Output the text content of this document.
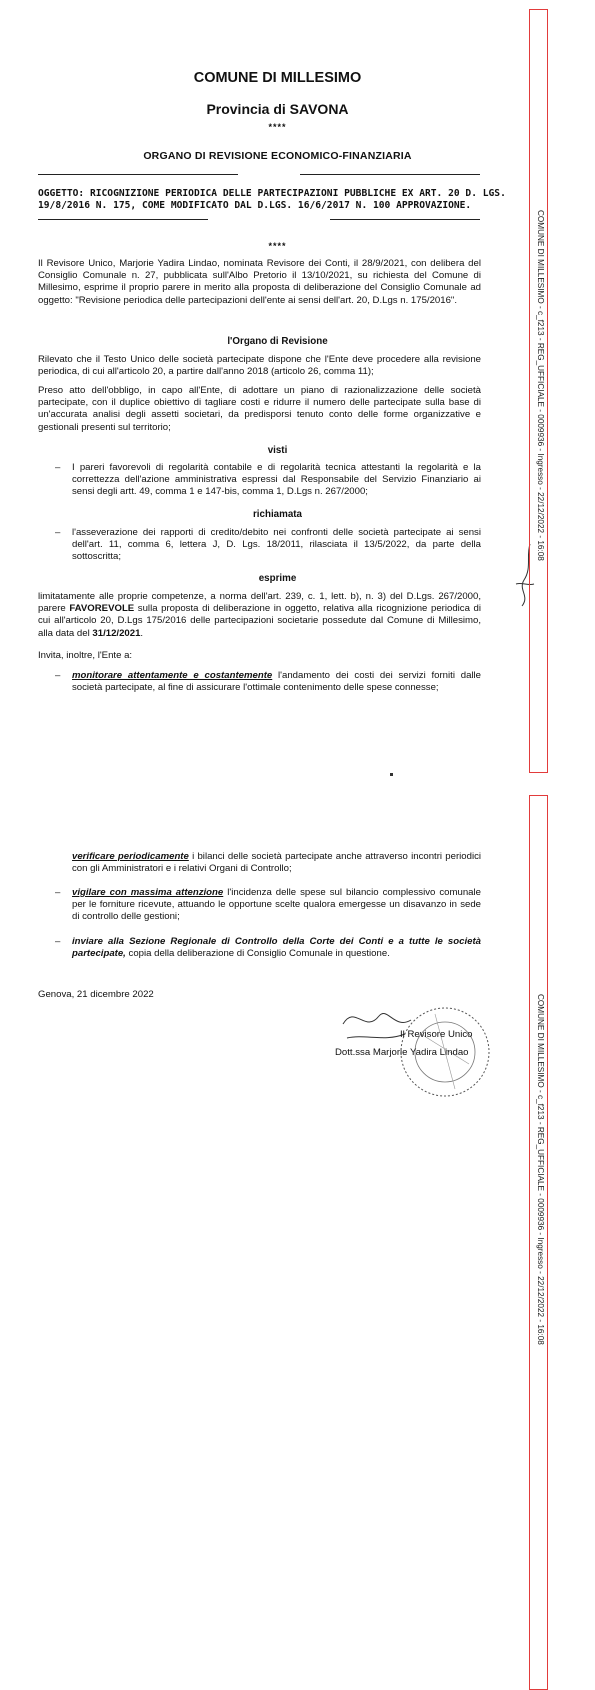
COMUNE DI MILLESIMO
Provincia di SAVONA
****
ORGANO DI REVISIONE ECONOMICO-FINANZIARIA
OGGETTO: RICOGNIZIONE PERIODICA DELLE PARTECIPAZIONI PUBBLICHE EX ART. 20 D. LGS. 19/8/2016 N. 175, COME MODIFICATO DAL D.LGS. 16/6/2017 N. 100 APPROVAZIONE.
****
Il Revisore Unico, Marjorie Yadira Lindao, nominata Revisore dei Conti, il 28/9/2021, con delibera del Consiglio Comunale n. 27, pubblicata sull'Albo Pretorio il 13/10/2021, su richiesta del Comune di Millesimo, esprime il proprio parere in merito alla proposta di deliberazione del Consiglio Comunale ad oggetto: "Revisione periodica delle partecipazioni dell'ente ai sensi dell'art. 20, D.Lgs n. 175/2016".
l'Organo di Revisione
Rilevato che il Testo Unico delle società partecipate dispone che l'Ente deve procedere alla revisione periodica, di cui all'articolo 20, a partire dall'anno 2018 (articolo 26, comma 11);
Preso atto dell'obbligo, in capo all'Ente, di adottare un piano di razionalizzazione delle società partecipate, con il duplice obiettivo di tagliare costi e ridurre il numero delle partecipate sulla base di un'accurata analisi degli assetti societari, da predisporsi tenuto conto delle forme organizzative e gestionali presenti sul territorio;
visti
– I pareri favorevoli di regolarità contabile e di regolarità tecnica attestanti la regolarità e la correttezza dell'azione amministrativa espressi dal Responsabile del Servizio Finanziario ai sensi degli artt. 49, comma 1 e 147-bis, comma 1, D.Lgs n. 267/2000;
richiamata
– l'asseverazione dei rapporti di credito/debito nei confronti delle società partecipate ai sensi dell'art. 11, comma 6, lettera J, D. Lgs. 18/2011, rilasciata il 13/5/2022, da parte della sottoscritta;
esprime
limitatamente alle proprie competenze, a norma dell'art. 239, c. 1, lett. b), n. 3) del D.Lgs. 267/2000, parere FAVOREVOLE sulla proposta di deliberazione in oggetto, relativa alla ricognizione periodica di cui all'articolo 20, D.Lgs 175/2016 delle partecipazioni societarie possedute dal Comune di Millesimo, alla data del 31/12/2021.
Invita, inoltre, l'Ente a:
– monitorare attentamente e costantemente l'andamento dei costi dei servizi forniti dalle società partecipate, al fine di assicurare l'ottimale contenimento delle spese connesse;
COMUNE DI MILLESIMO - c_f213 - REG_UFFICIALE - 0009936 - Ingresso - 22/12/2022 - 16:08
verificare periodicamente i bilanci delle società partecipate anche attraverso incontri periodici con gli Amministratori e i relativi Organi di Controllo;
– vigilare con massima attenzione l'incidenza delle spese sul bilancio complessivo comunale per le forniture ricevute, attuando le opportune scelte qualora emergesse un disavanzo in sede di controllo delle gestioni;
– inviare alla Sezione Regionale di Controllo della Corte dei Conti e a tutte le società partecipate, copia della deliberazione di Consiglio Comunale in questione.
Genova, 21 dicembre 2022
Il Revisore Unico
Dott.ssa Marjorie Yadira Lindao	COMUNE DI MILLESIMO - c_f213 - REG_UFFICIALE - 0009936 - Ingresso - 22/12/2022 - 16:08
